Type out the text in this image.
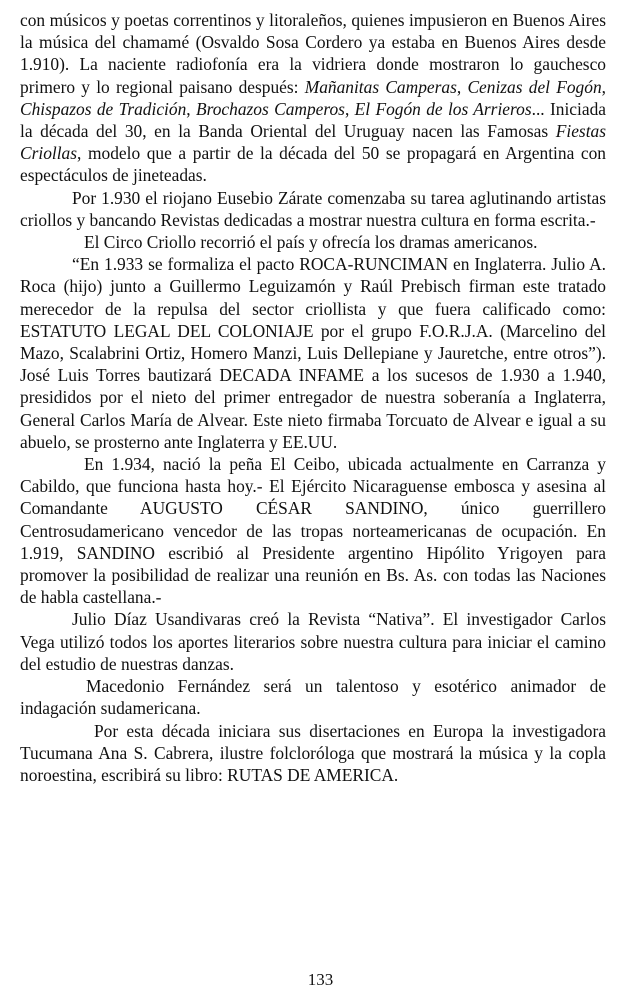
con músicos y poetas correntinos y litoraleños, quienes impusieron en Buenos Aires la música del chamamé (Osvaldo Sosa Cordero ya estaba en Buenos Aires desde 1.910). La naciente radiofonía era la vidriera donde mostraron lo gauchesco primero y lo regional paisano después: Mañanitas Camperas, Cenizas del Fogón, Chispazos de Tradición, Brochazos Camperos, El Fogón de los Arrieros... Iniciada la década del 30, en la Banda Oriental del Uruguay nacen las Famosas Fiestas Criollas, modelo que a partir de la década del 50 se propagará en Argentina con espectáculos de jineteadas.

Por 1.930 el riojano Eusebio Zárate comenzaba su tarea aglutinando artistas criollos y bancando Revistas dedicadas a mostrar nuestra cultura en forma escrita.-

El Circo Criollo recorrió el país y ofrecía los dramas americanos.

“En 1.933 se formaliza el pacto ROCA-RUNCIMAN en Inglaterra. Julio A. Roca (hijo) junto a Guillermo Leguizamón y Raúl Prebisch firman este tratado merecedor de la repulsa del sector criollista y que fuera calificado como: ESTATUTO LEGAL DEL COLONIAJE por el grupo F.O.R.J.A. (Marcelino del Mazo, Scalabrini Ortiz, Homero Manzi, Luis Dellepiane y Jauretche, entre otros”). José Luis Torres bautizará DECADA INFAME a los sucesos de 1.930 a 1.940, presididos por el nieto del primer entregador de nuestra soberanía a Inglaterra, General Carlos María de Alvear. Este nieto firmaba Torcuato de Alvear e igual a su abuelo, se prosterno ante Inglaterra y EE.UU.

En 1.934, nació la peña El Ceibo, ubicada actualmente en Carranza y Cabildo, que funciona hasta hoy.- El Ejército Nicaraguense embosca y asesina al Comandante AUGUSTO CÉSAR SANDINO, único guerrillero Centrosudamericano vencedor de las tropas norteamericanas de ocupación. En 1.919, SANDINO escribió al Presidente argentino Hipólito Yrigoyen para promover la posibilidad de realizar una reunión en Bs. As. con todas las Naciones de habla castellana.-

Julio Díaz Usandivaras creó la Revista “Nativa”. El investigador Carlos Vega utilizó todos los aportes literarios sobre nuestra cultura para iniciar el camino del estudio de nuestras danzas.

Macedonio Fernández será un talentoso y esotérico animador de indagación sudamericana.

Por esta década iniciara sus disertaciones en Europa la investigadora Tucumana Ana S. Cabrera, ilustre folcloróloga que mostrará la música y la copla noroestina, escribirá su libro: RUTAS DE AMERICA.

133
